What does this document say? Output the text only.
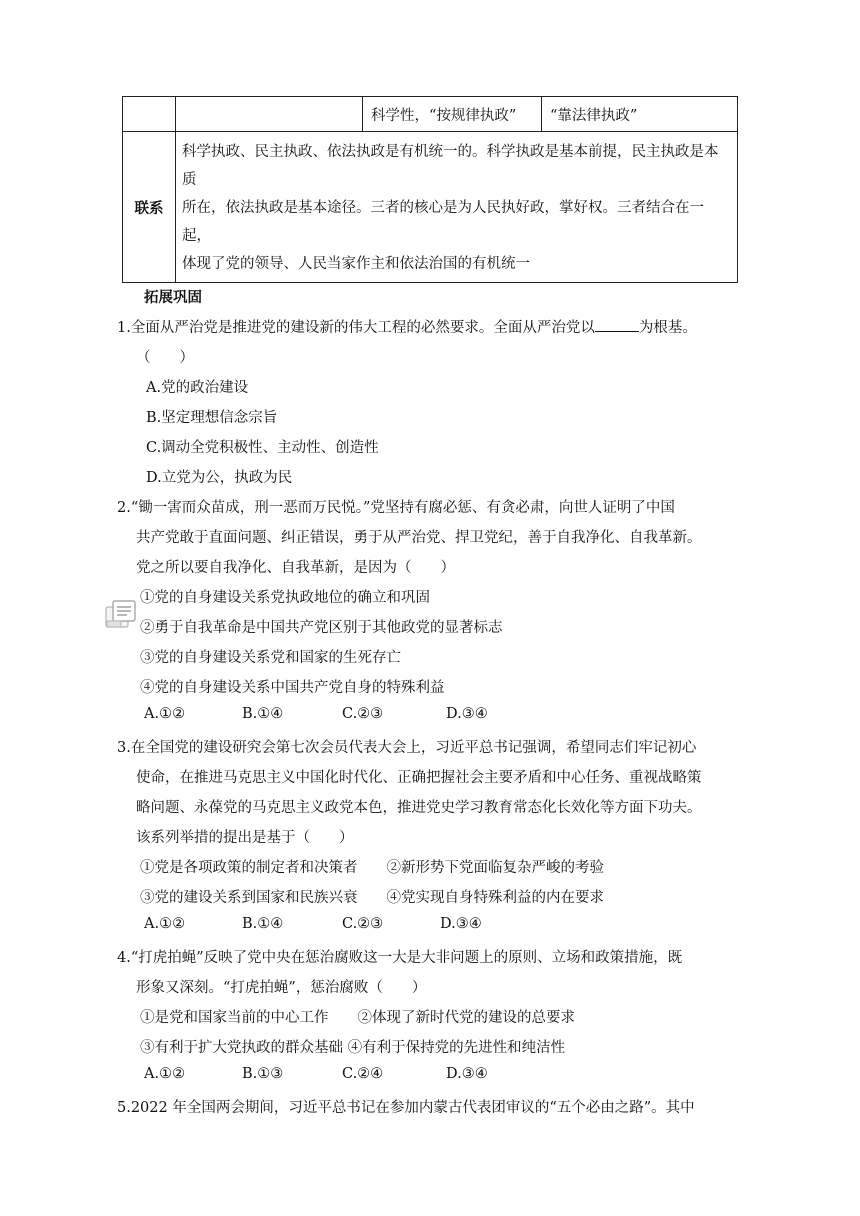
		科学性，“按规律执政”	“靠法律执政”
联系	科学执政、民主执政、依法执政是有机统一的。科学执政是基本前提，民主执政是本质
所在，依法执政是基本途径。三者的核心是为人民执好政，掌好权。三者结合在一起，
体现了党的领导、人民当家作主和依法治国的有机统一		
拓展巩固
1.全面从严治党是推进党的建设新的伟大工程的必然要求。全面从严治党以	为根基。
（　　）
A.党的政治建设
B.坚定理想信念宗旨
C.调动全党积极性、主动性、创造性
D.立党为公，执政为民
2.“锄一害而众苗成，刑一恶而万民悦。”党坚持有腐必惩、有贪必肃，向世人证明了中国
共产党敢于直面问题、纠正错误，勇于从严治党、捍卫党纪，善于自我净化、自我革新。
党之所以要自我净化、自我革新，是因为（　　）
①党的自身建设关系党执政地位的确立和巩固
②勇于自我革命是中国共产党区别于其他政党的显著标志
③党的自身建设关系党和国家的生死存亡
④党的自身建设关系中国共产党自身的特殊利益
A.①②	B.①④	C.②③	D.③④
3.在全国党的建设研究会第七次会员代表大会上，习近平总书记强调，希望同志们牢记初心
使命，在推进马克思主义中国化时代化、正确把握社会主要矛盾和中心任务、重视战略策
略问题、永葆党的马克思主义政党本色，推进党史学习教育常态化长效化等方面下功夫。
该系列举措的提出是基于（　　）
①党是各项政策的制定者和决策者　　②新形势下党面临复杂严峻的考验
③党的建设关系到国家和民族兴衰　　④党实现自身特殊利益的内在要求
A.①②	B.①④	C.②③	D.③④
4.“打虎拍蝇”反映了党中央在惩治腐败这一大是大非问题上的原则、立场和政策措施，既
形象又深刻。“打虎拍蝇”，惩治腐败（　　）
①是党和国家当前的中心工作　　②体现了新时代党的建设的总要求
③有利于扩大党执政的群众基础 ④有利于保持党的先进性和纯洁性
A.①②	B.①③	C.②④	D.③④
5.2022 年全国两会期间，习近平总书记在参加内蒙古代表团审议的“五个必由之路”。其中
